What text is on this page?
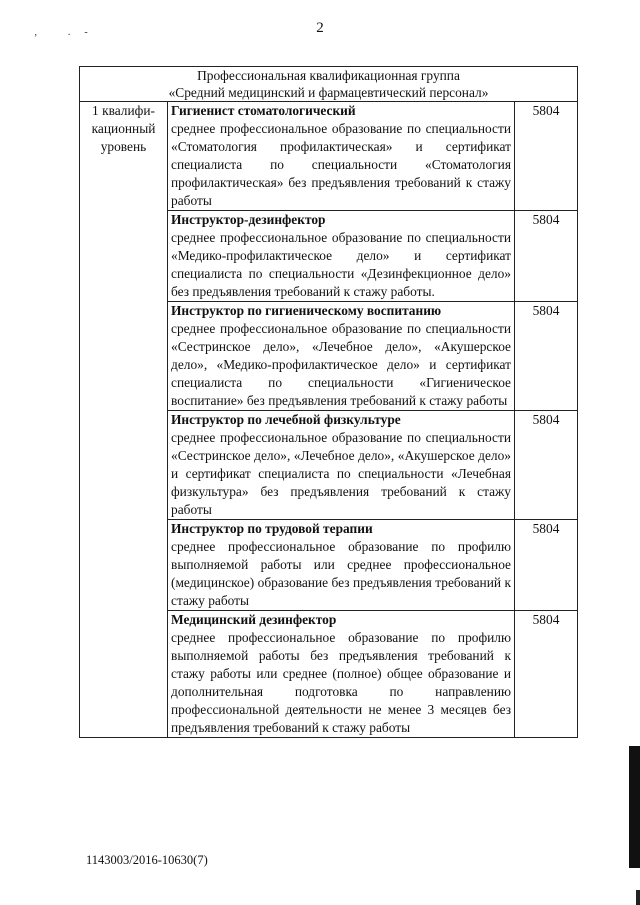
2
‚ .-
Профессиональная квалификационная группа
«Средний медицинский и фармацевтический персонал»		

1 квалифи-кационный уровень	Гигиенист стоматологический
среднее профессиональное образование по специальности «Стоматология профилактическая» и сертификат специалиста по специальности «Стоматология профилактическая» без предъявления требований к стажу работы	5804

	Инструктор-дезинфектор
среднее профессиональное образование по специальности «Медико-профилактическое дело» и сертификат специалиста по специальности «Дезинфекционное дело» без предъявления требований к стажу работы.	5804

	Инструктор по гигиеническому воспитанию
среднее профессиональное образование по специальности «Сестринское дело», «Лечебное дело», «Акушерское дело», «Медико-профилактическое дело» и сертификат специалиста по специальности «Гигиеническое воспитание» без предъявления требований к стажу работы	5804

	Инструктор по лечебной физкультуре
среднее профессиональное образование по специальности «Сестринское дело», «Лечебное дело», «Акушерское дело» и сертификат специалиста по специальности «Лечебная физкультура» без предъявления требований к стажу работы	5804

	Инструктор по трудовой терапии
среднее профессиональное образование по профилю выполняемой работы или среднее профессиональное (медицинское) образование без предъявления требований к стажу работы	5804

	Медицинский дезинфектор
среднее профессиональное образование по профилю выполняемой работы без предъявления требований к стажу работы или среднее (полное) общее образование и дополнительная подготовка по направлению профессиональной деятельности не менее 3 месяцев без предъявления требований к стажу работы	5804
1143003/2016-10630(7)
